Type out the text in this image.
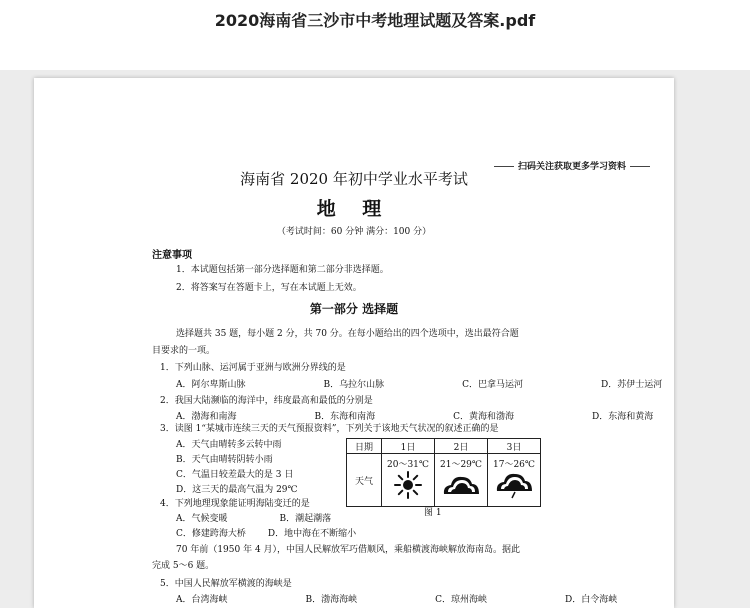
2020海南省三沙市中考地理试题及答案.pdf
扫码关注获取更多学习资料
海南省 2020 年初中学业水平考试
地 理
（考试时间：60 分钟 满分：100 分）
注意事项
1．本试题包括第一部分选择题和第二部分非选择题。
2．将答案写在答题卡上，写在本试题上无效。
第一部分 选择题
选择题共 35 题，每小题 2 分，共 70 分。在每小题给出的四个选项中，选出最符合题
目要求的一项。
1．下列山脉、运河属于亚洲与欧洲分界线的是
A．阿尔卑斯山脉	B．乌拉尔山脉	C．巴拿马运河	D．苏伊士运河
2．我国大陆濒临的海洋中，纬度最高和最低的分别是
A．渤海和南海	B．东海和南海	C．黄海和渤海	D．东海和黄海
3．读图 1“某城市连续三天的天气预报资料”，下列关于该地天气状况的叙述正确的是
A．天气由晴转多云转中雨
B．天气由晴转阴转小雨
C．气温日较差最大的是 3 日
D．这三天的最高气温为 29℃
日期	1日	2日	3日
天气	20～31℃	21～29℃	17～26℃
图 1
4．下列地理现象能证明海陆变迁的是
A．气候变暖	B．潮起潮落
C．修建跨海大桥 D．地中海在不断缩小
70 年前（1950 年 4 月），中国人民解放军巧借顺风，乘船横渡海峡解放海南岛。据此
完成 5～6 题。
5．中国人民解放军横渡的海峡是
A．台湾海峡	B．渤海海峡	C．琼州海峡	D．白令海峡
